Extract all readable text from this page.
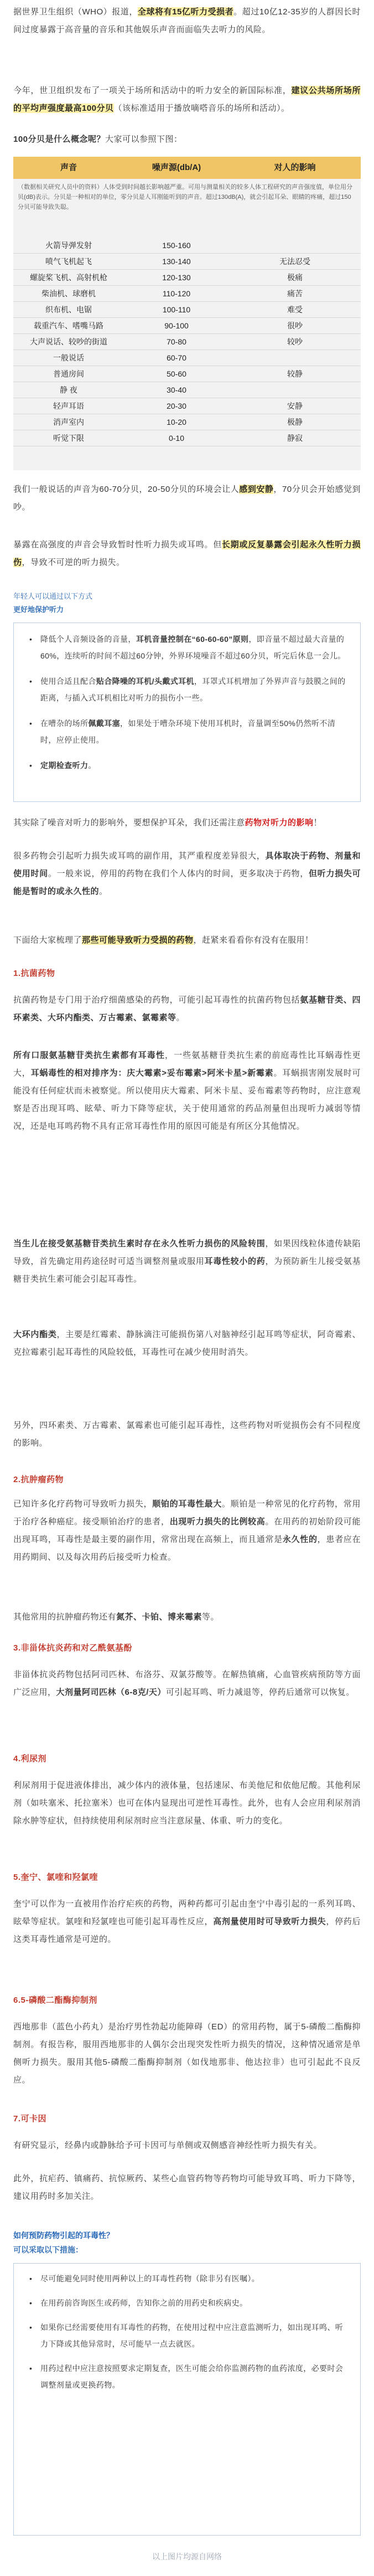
据世界卫生组织（WHO）报道，全球将有15亿听力受损者。超过10亿12-35岁的人群因长时间过度暴露于高音量的音乐和其他娱乐声音而面临失去听力的风险。

今年，世卫组织发布了一项关于场所和活动中的听力安全的新国际标准，建议公共场所场所的平均声强度最高100分贝（该标准适用于播放嘀嗒音乐的场所和活动）。

100分贝是什么概念呢？大家可以参照下图：

声音	噪声源(db/A)	对人的影响
（数据相关研究人员中的资料）人体受到时间越长影响越严重。可用与测量相关的较多人体工程研究的声音强度值，单位用分贝(dB)表示。分贝是一种相对的单位，零分贝是人耳刚能听到的声音。超过130dB(A)，就会引起耳朵、眼睛的疼痛，超过150分贝可能导致失聪。
火箭导弹发射	150-160
喷气飞机起飞	130-140	无法忍受
螺旋桨飞机、高射机枪	120-130	极痛
柴油机、球磨机	110-120	痛苦
织布机、电锯	100-110	难受
载重汽车、嗜嘴马路	90-100	很吵
大声说话、较吵的街道	70-80	较吵
一般说话	60-70
普通房间	50-60	较静
静 夜	30-40
轻声耳语	20-30	安静
消声室内	10-20	极静
听觉下限	0-10	静寂

我们一般说话的声音为60-70分贝，20-50分贝的环境会让人感到安静，70分贝会开始感觉到吵。

暴露在高强度的声音会导致暂时性听力损失或耳鸣。但长期或反复暴露会引起永久性听力损伤，导致不可逆的听力损失。

年轻人可以通过以下方式
更好地保护听力
• 降低个人音频设备的音量，耳机音量控制在“60-60-60”原则，即音量不超过最大音量的60%，连续听的时间不超过60分钟，外界环境噪音不超过60分贝，听完后休息一会儿。
• 使用合适且配合贴合降噪的耳机/头戴式耳机，耳罩式耳机增加了外界声音与鼓膜之间的距离，与插入式耳机相比对听力的损伤小一些。
• 在嘈杂的场所佩戴耳塞，如果处于嘈杂环境下使用耳机时，音量调至50%仍然听不清时，应停止使用。
• 定期检查听力。

其实除了噪音对听力的影响外，要想保护耳朵，我们还需注意药物对听力的影响！

很多药物会引起听力损失或耳鸣的副作用，其严重程度差异很大，具体取决于药物、剂量和使用时间。一般来说，停用的药物在我们个人体内的时间，更多取决于药物，但听力损失可能是暂时的或永久性的。

下面给大家梳理了那些可能导致听力受损的药物，赶紧来看看你有没有在服用！

1.抗菌药物

抗菌药物是专门用于治疗细菌感染的药物，可能引起耳毒性的抗菌药物包括氨基糖苷类、四环素类、大环内酯类、万古霉素、氯霉素等。

所有口服氨基糖苷类抗生素都有耳毒性，一些氨基糖苷类抗生素的前庭毒性比耳蜗毒性更大，耳蜗毒性的相对排序为：庆大霉素>妥布霉素>阿米卡星>新霉素。耳蜗损害刚发展时可能没有任何症状而未被察觉。所以使用庆大霉素、阿米卡星、妥布霉素等药物时，应注意观察是否出现耳鸣、眩晕、听力下降等症状，关于使用通常的药品剂量但出现听力减弱等情况，还是电耳鸣药物不具有正常耳毒性作用的原因可能是有所区分其他情况。

当生儿在接受氨基糖苷类抗生素时存在永久性听力损伤的风险转围，如果因线粒体遗传缺陷导致，首先确定用药途径时可适当调整剂量或服用耳毒性较小的药，为预防新生儿接受氨基糖苷类抗生素可能会引起耳毒性。

大环内酯类，主要是红霉素、静脉滴注可能损伤第八对脑神经引起耳鸣等症状，阿奇霉素、克拉霉素引起耳毒性的风险较低，耳毒性可在减少使用时消失。

另外，四环素类、万古霉素、氯霉素也可能引起耳毒性，这些药物对听觉损伤会有不同程度的影响。

2.抗肿瘤药物

已知许多化疗药物可导致听力损失，顺铂的耳毒性最大。顺铂是一种常见的化疗药物，常用于治疗各种癌症。接受顺铂治疗的患者，出现听力损失的比例较高。在用药的初始阶段可能出现耳鸣，耳毒性是最主要的副作用，常常出现在高频上，而且通常是永久性的，患者应在用药期间、以及每次用药后接受听力检查。

其他常用的抗肿瘤药物还有氮芥、卡铂、博来霉素等。

3.非甾体抗炎药和对乙酰氨基酚

非甾体抗炎药物包括阿司匹林、布洛芬、双氯芬酸等。在解热镇痛，心血管疾病预防等方面广泛应用，大剂量阿司匹林（6-8克/天）可引起耳鸣、听力减退等，停药后通常可以恢复。

4.利尿剂

利尿剂用于促进液体排出，减少体内的液体量，包括速尿、布美他尼和依他尼酸。其他利尿剂（如呋塞米、托拉塞米）也可在体内显现出可逆性耳毒性。此外，也有人会应用利尿剂消除水肿等症状，但持续使用利尿剂时应当注意尿量、体重、听力的变化。

5.奎宁、氯喹和羟氯喹

奎宁可以作为一直被用作治疗疟疾的药物，两种药都可引起由奎宁中毒引起的一系列耳鸣、眩晕等症状。氯喹和羟氯喹也可能引起耳毒性反应，高剂量使用时可导致听力损失，停药后这类耳毒性通常是可逆的。

6.5-磷酸二酯酶抑制剂

西地那非（蓝色小药丸）是治疗男性勃起功能障碍（ED）的常用药物，属于5-磷酸二酯酶抑制剂。有报告称，服用西地那非的人偶尔会出现突发性听力损失的情况，这种情况通常是单侧听力损失。服用其他5-磷酸二酯酶抑制剂（如伐地那非、他达拉非）也可引起此不良反应。

7.可卡因

有研究显示，经鼻内或静脉给予可卡因可与单侧或双侧感音神经性听力损失有关。

此外，抗疟药、镇痛药、抗惊厥药、某些心血管药物等药物均可能导致耳鸣、听力下降等，建议用药时多加关注。

如何预防药物引起的耳毒性？
可以采取以下措施：
• 尽可能避免同时使用两种以上的耳毒性药物（除非另有医嘱）。
• 在用药前咨询医生或药师，告知你之前的用药史和疾病史。
• 如果你已经需要使用有耳毒性的药物，在使用过程中应注意监测听力，如出现耳鸣、听力下降或其他异常时，尽可能早一点去就医。
• 用药过程中应注意按照要求定期复查，医生可能会给你监测药物的血药浓度，必要时会调整剂量或更换药物。
以上图片均源自网络
